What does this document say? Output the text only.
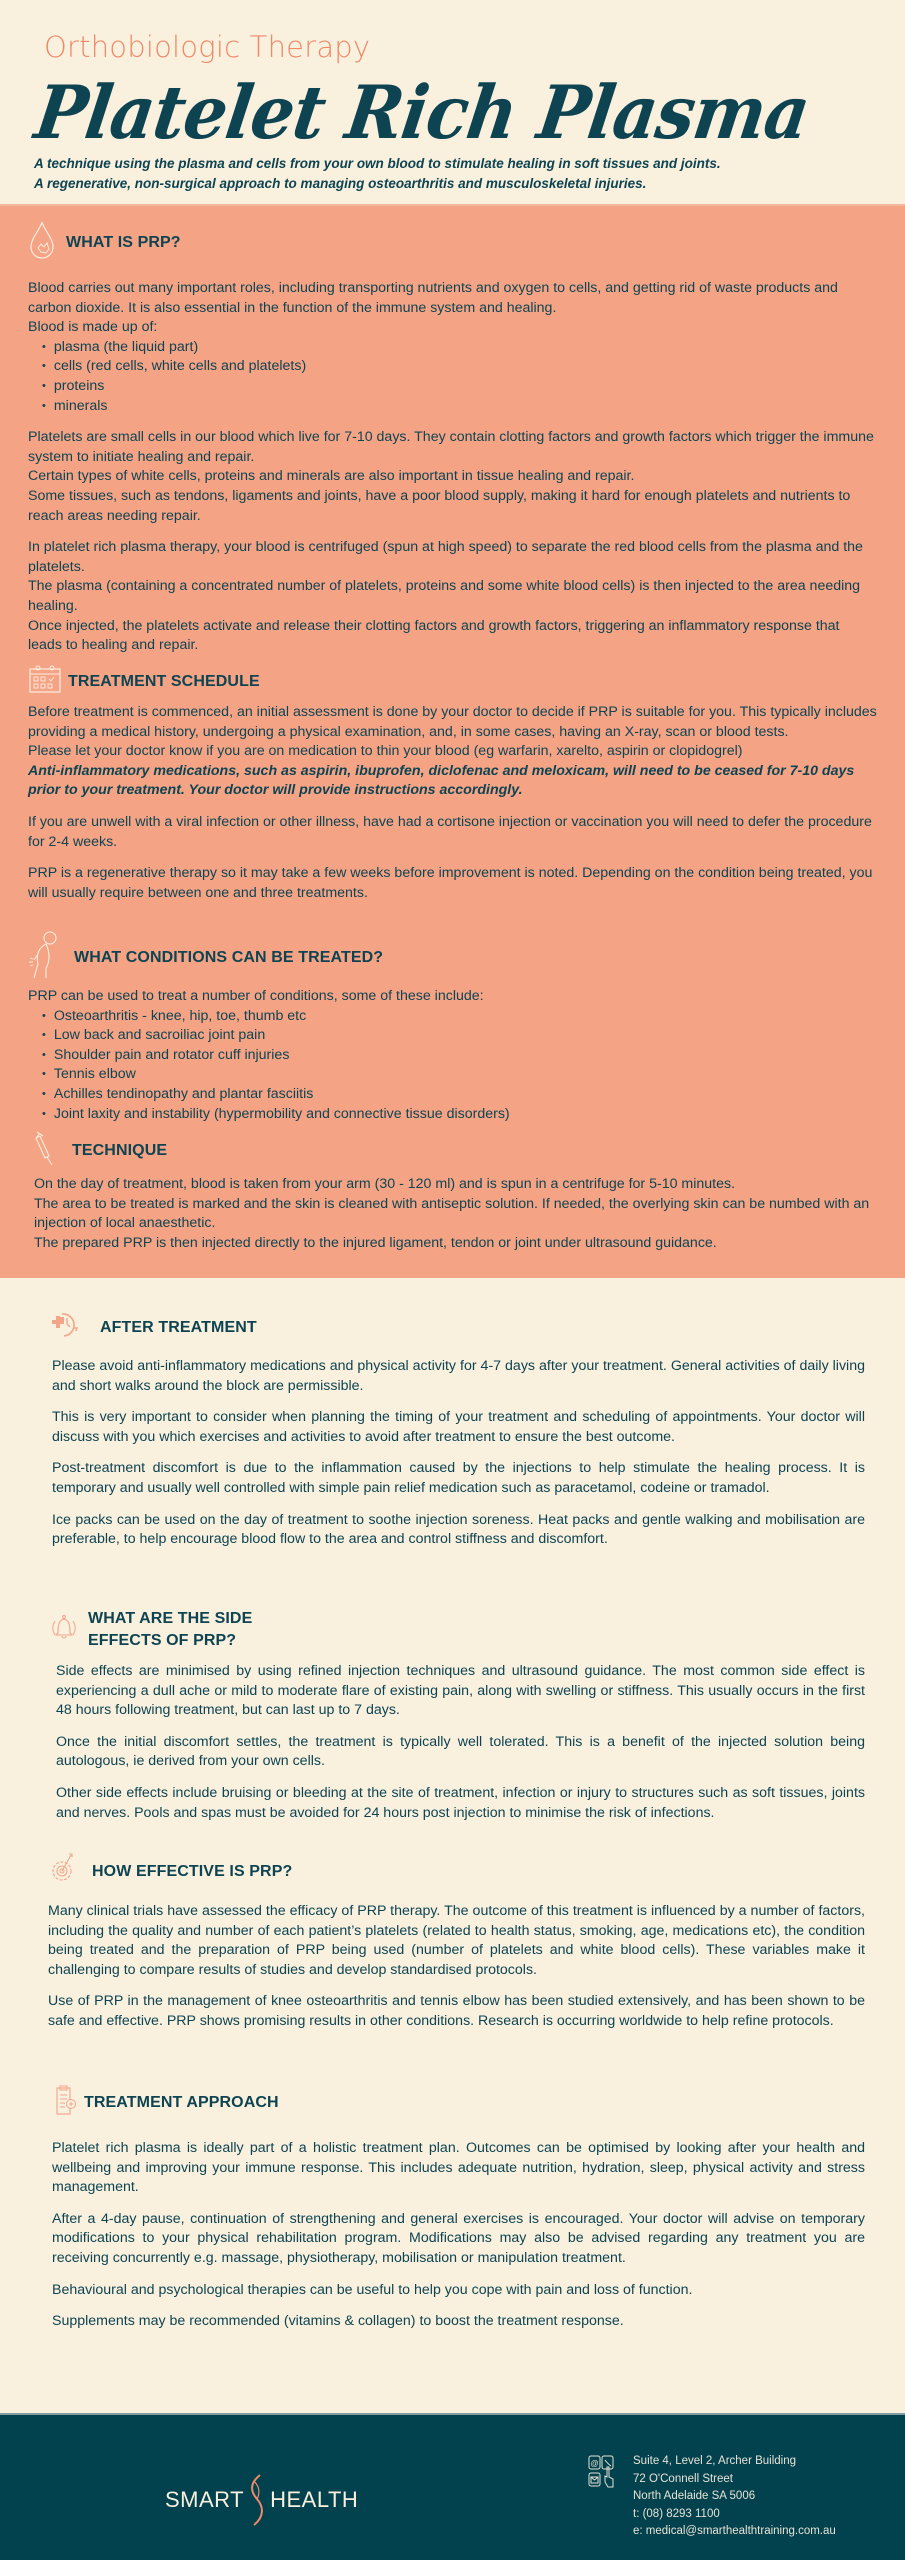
Orthobiologic Therapy
Platelet Rich Plasma
A technique using the plasma and cells from your own blood to stimulate healing in soft tissues and joints.
A regenerative, non-surgical approach to managing osteoarthritis and musculoskeletal injuries.
WHAT IS PRP?

Blood carries out many important roles, including transporting nutrients and oxygen to cells, and getting rid of waste products and carbon dioxide. It is also essential in the function of the immune system and healing.

Blood is made up of:

• plasma (the liquid part)
• cells (red cells, white cells and platelets)
• proteins
• minerals

Platelets are small cells in our blood which live for 7-10 days. They contain clotting factors and growth factors which trigger the immune system to initiate healing and repair.

Certain types of white cells, proteins and minerals are also important in tissue healing and repair.

Some tissues, such as tendons, ligaments and joints, have a poor blood supply, making it hard for enough platelets and nutrients to reach areas needing repair.

In platelet rich plasma therapy, your blood is centrifuged (spun at high speed) to separate the red blood cells from the plasma and the platelets.

The plasma (containing a concentrated number of platelets, proteins and some white blood cells) is then injected to the area needing healing.

Once injected, the platelets activate and release their clotting factors and growth factors, triggering an inflammatory response that leads to healing and repair.

TREATMENT SCHEDULE

Before treatment is commenced, an initial assessment is done by your doctor to decide if PRP is suitable for you. This typically includes providing a medical history, undergoing a physical examination, and, in some cases, having an X-ray, scan or blood tests.

Please let your doctor know if you are on medication to thin your blood (eg warfarin, xarelto, aspirin or clopidogrel)

Anti-inflammatory medications, such as aspirin, ibuprofen, diclofenac and meloxicam, will need to be ceased for 7-10 days prior to your treatment. Your doctor will provide instructions accordingly.

If you are unwell with a viral infection or other illness, have had a cortisone injection or vaccination you will need to defer the procedure for 2-4 weeks.

PRP is a regenerative therapy so it may take a few weeks before improvement is noted. Depending on the condition being treated, you will usually require between one and three treatments.

WHAT CONDITIONS CAN BE TREATED?

PRP can be used to treat a number of conditions, some of these include:

• Osteoarthritis - knee, hip, toe, thumb etc
• Low back and sacroiliac joint pain
• Shoulder pain and rotator cuff injuries
• Tennis elbow
• Achilles tendinopathy and plantar fasciitis
• Joint laxity and instability (hypermobility and connective tissue disorders)
TECHNIQUE

On the day of treatment, blood is taken from your arm (30 - 120 ml) and is spun in a centrifuge for 5-10 minutes.

The area to be treated is marked and the skin is cleaned with antiseptic solution. If needed, the overlying skin can be numbed with an injection of local anaesthetic.

The prepared PRP is then injected directly to the injured ligament, tendon or joint under ultrasound guidance.

AFTER TREATMENT

Please avoid anti-inflammatory medications and physical activity for 4-7 days after your treatment. General activities of daily living and short walks around the block are permissible.

This is very important to consider when planning the timing of your treatment and scheduling of appointments. Your doctor will discuss with you which exercises and activities to avoid after treatment to ensure the best outcome.

Post-treatment discomfort is due to the inflammation caused by the injections to help stimulate the healing process. It is temporary and usually well controlled with simple pain relief medication such as paracetamol, codeine or tramadol.

Ice packs can be used on the day of treatment to soothe injection soreness. Heat packs and gentle walking and mobilisation are preferable, to help encourage blood flow to the area and control stiffness and discomfort.

WHAT ARE THE SIDE
EFFECTS OF PRP?

Side effects are minimised by using refined injection techniques and ultrasound guidance. The most common side effect is experiencing a dull ache or mild to moderate flare of existing pain, along with swelling or stiffness. This usually occurs in the first 48 hours following treatment, but can last up to 7 days.

Once the initial discomfort settles, the treatment is typically well tolerated. This is a benefit of the injected solution being autologous, ie derived from your own cells.

Other side effects include bruising or bleeding at the site of treatment, infection or injury to structures such as soft tissues, joints and nerves. Pools and spas must be avoided for 24 hours post injection to minimise the risk of infections.

HOW EFFECTIVE IS PRP?

Many clinical trials have assessed the efficacy of PRP therapy. The outcome of this treatment is influenced by a number of factors, including the quality and number of each patient’s platelets (related to health status, smoking, age, medications etc), the condition being treated and the preparation of PRP being used (number of platelets and white blood cells). These variables make it challenging to compare results of studies and develop standardised protocols.

Use of PRP in the management of knee osteoarthritis and tennis elbow has been studied extensively, and has been shown to be safe and effective. PRP shows promising results in other conditions. Research is occurring worldwide to help refine protocols.

TREATMENT APPROACH

Platelet rich plasma is ideally part of a holistic treatment plan. Outcomes can be optimised by looking after your health and wellbeing and improving your immune response. This includes adequate nutrition, hydration, sleep, physical activity and stress management.

After a 4-day pause, continuation of strengthening and general exercises is encouraged. Your doctor will advise on temporary modifications to your physical rehabilitation program. Modifications may also be advised regarding any treatment you are receiving concurrently e.g. massage, physiotherapy, mobilisation or manipulation treatment.

Behavioural and psychological therapies can be useful to help you cope with pain and loss of function.

Supplements may be recommended (vitamins & collagen) to boost the treatment response.

SMART HEALTH
@	Suite 4, Level 2, Archer Building
72 O'Connell Street
North Adelaide SA 5006
t: (08) 8293 1100
e: medical@smarthealthtraining.com.au
